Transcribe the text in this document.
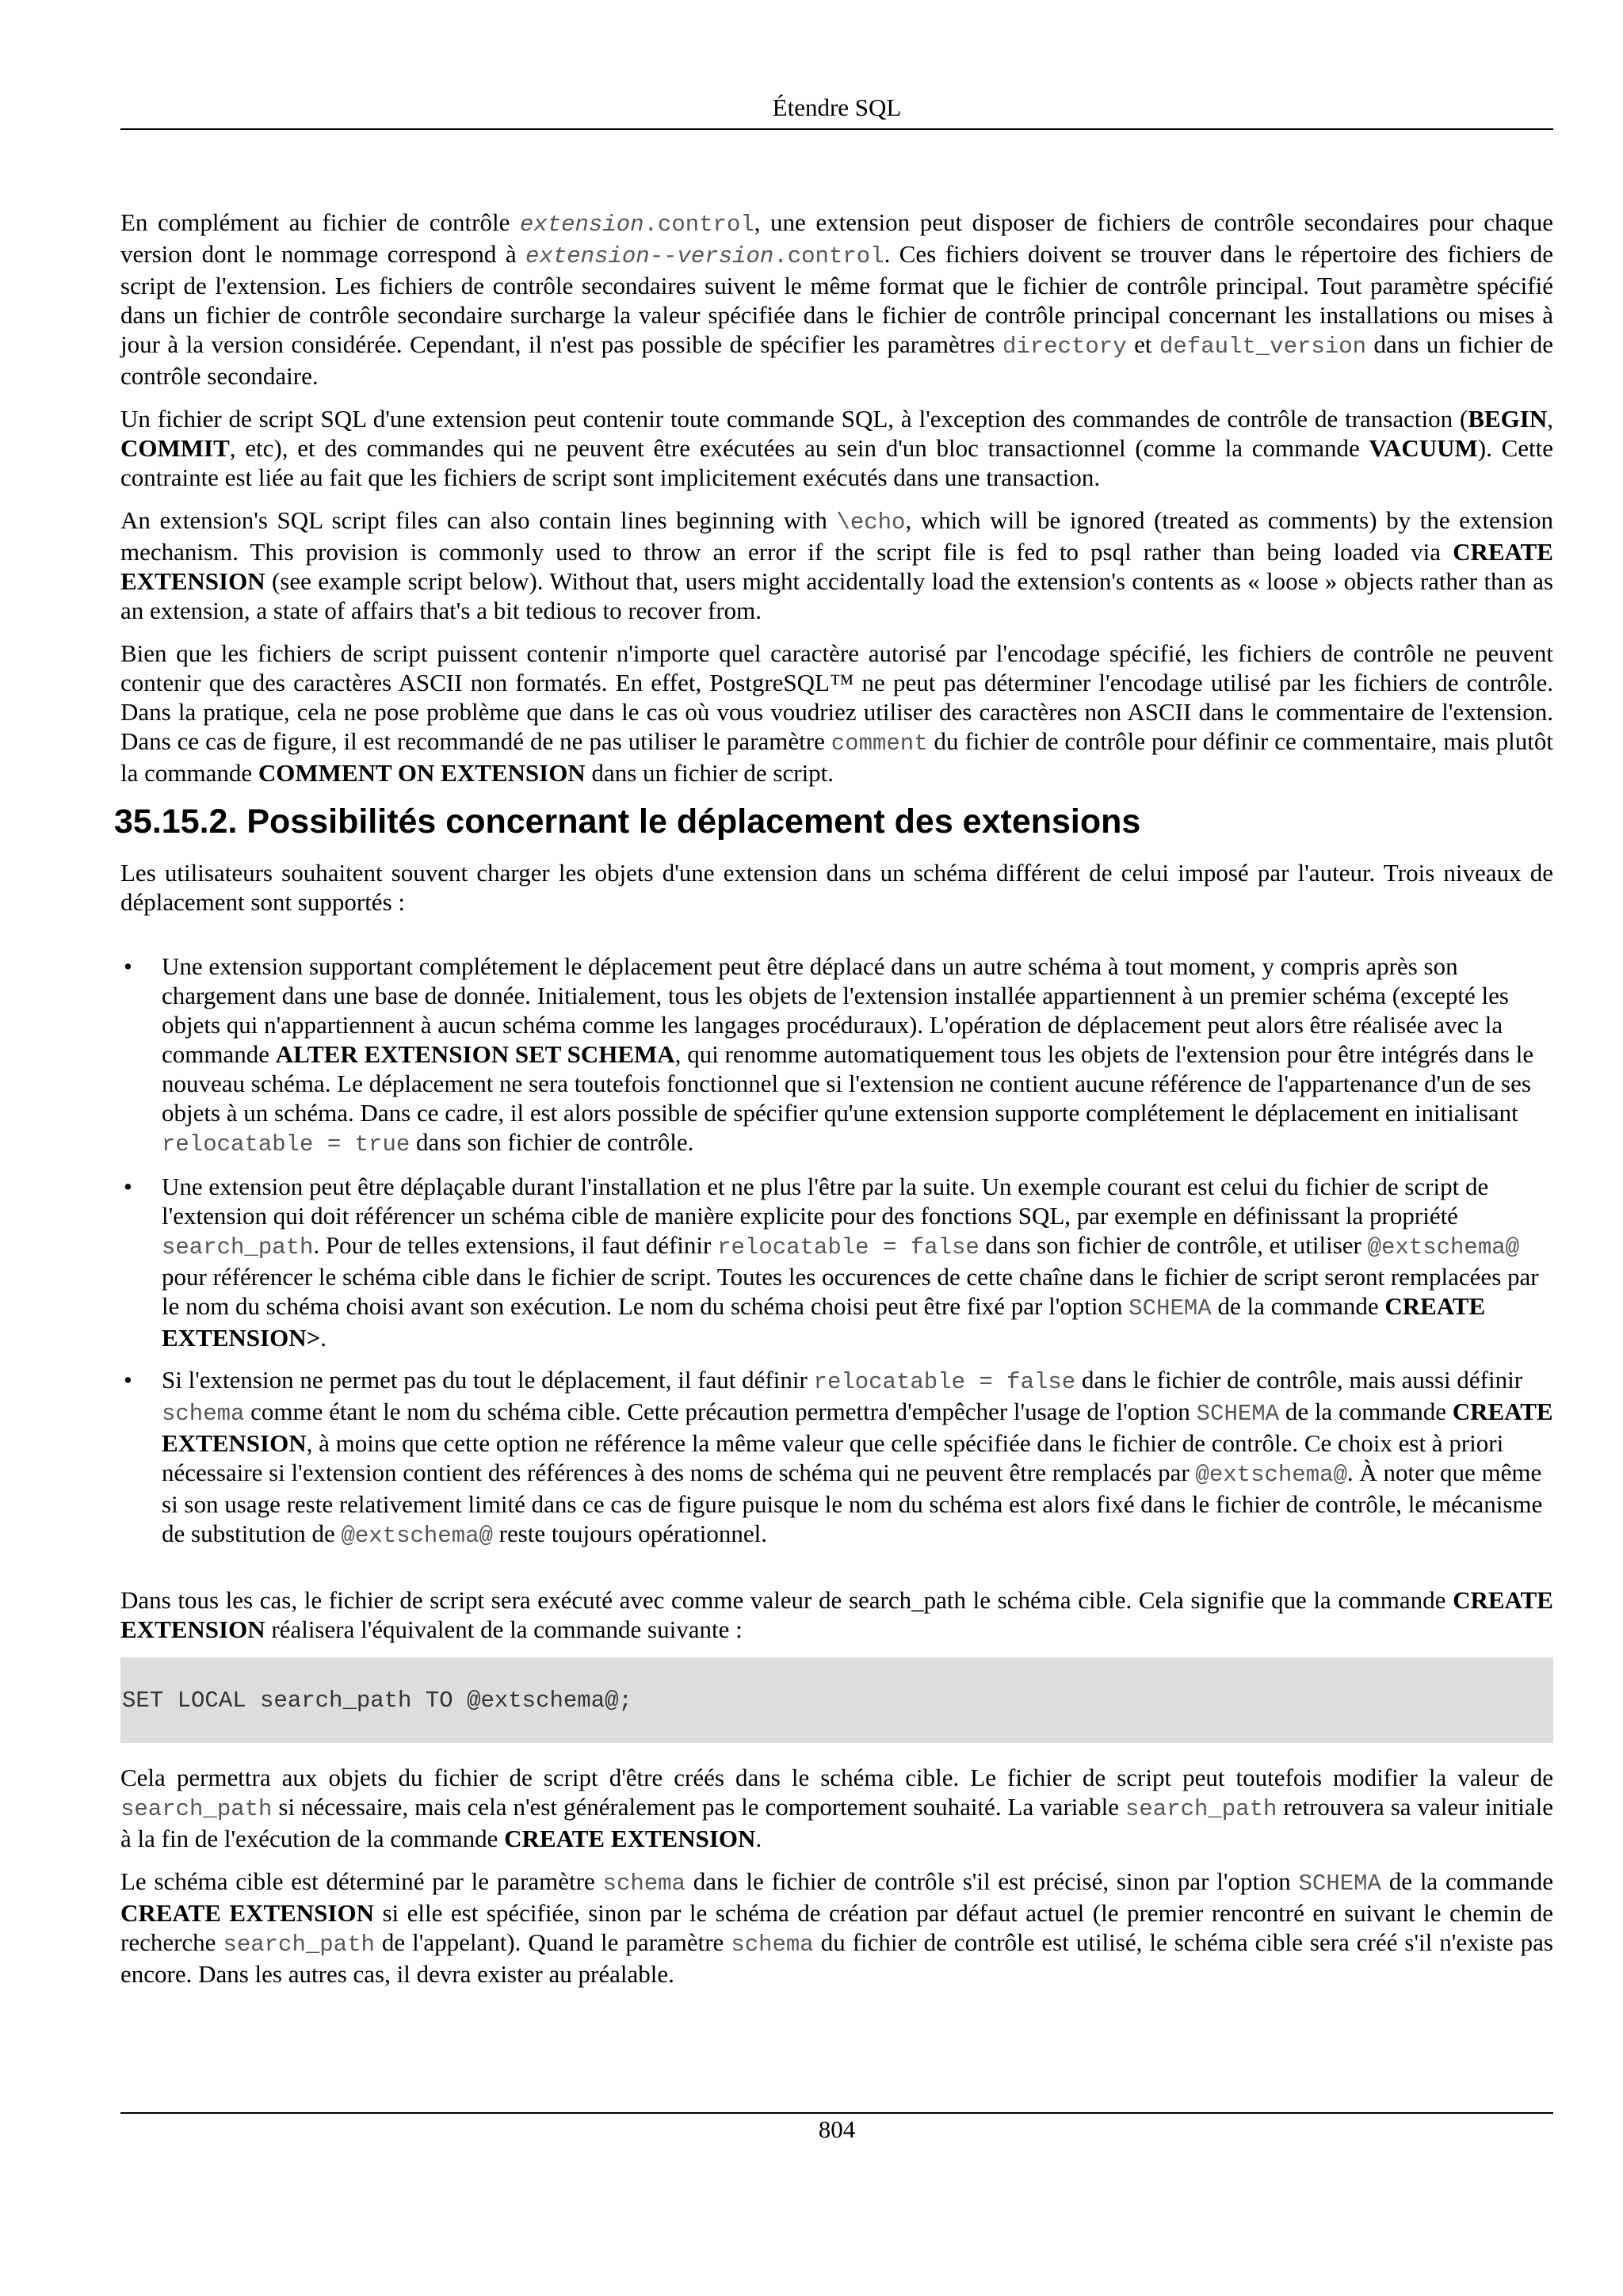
Étendre SQL

En complément au fichier de contrôle extension.control, une extension peut disposer de fichiers de contrôle secondaires pour chaque version dont le nommage correspond à extension--version.control. Ces fichiers doivent se trouver dans le répertoire des fichiers de script de l'extension. Les fichiers de contrôle secondaires suivent le même format que le fichier de contrôle principal. Tout paramètre spécifié dans un fichier de contrôle secondaire surcharge la valeur spécifiée dans le fichier de contrôle principal concernant les installations ou mises à jour à la version considérée. Cependant, il n'est pas possible de spécifier les paramètres directory et default_version dans un fichier de contrôle secondaire.

Un fichier de script SQL d'une extension peut contenir toute commande SQL, à l'exception des commandes de contrôle de transaction (BEGIN, COMMIT, etc), et des commandes qui ne peuvent être exécutées au sein d'un bloc transactionnel (comme la commande VACUUM). Cette contrainte est liée au fait que les fichiers de script sont implicitement exécutés dans une transaction.

An extension's SQL script files can also contain lines beginning with \echo, which will be ignored (treated as comments) by the extension mechanism. This provision is commonly used to throw an error if the script file is fed to psql rather than being loaded via CREATE EXTENSION (see example script below). Without that, users might accidentally load the extension's contents as « loose » objects rather than as an extension, a state of affairs that's a bit tedious to recover from.

Bien que les fichiers de script puissent contenir n'importe quel caractère autorisé par l'encodage spécifié, les fichiers de contrôle ne peuvent contenir que des caractères ASCII non formatés. En effet, PostgreSQL™ ne peut pas déterminer l'encodage utilisé par les fichiers de contrôle. Dans la pratique, cela ne pose problème que dans le cas où vous voudriez utiliser des caractères non ASCII dans le commentaire de l'extension. Dans ce cas de figure, il est recommandé de ne pas utiliser le paramètre comment du fichier de contrôle pour définir ce commentaire, mais plutôt la commande COMMENT ON EXTENSION dans un fichier de script.

35.15.2. Possibilités concernant le déplacement des extensions

Les utilisateurs souhaitent souvent charger les objets d'une extension dans un schéma différent de celui imposé par l'auteur. Trois niveaux de déplacement sont supportés :

• Une extension supportant complétement le déplacement peut être déplacé dans un autre schéma à tout moment, y compris après son chargement dans une base de donnée. Initialement, tous les objets de l'extension installée appartiennent à un premier schéma (excepté les objets qui n'appartiennent à aucun schéma comme les langages procéduraux). L'opération de déplacement peut alors être réalisée avec la commande ALTER EXTENSION SET SCHEMA, qui renomme automatiquement tous les objets de l'extension pour être intégrés dans le nouveau schéma. Le déplacement ne sera toutefois fonctionnel que si l'extension ne contient aucune référence de l'appartenance d'un de ses objets à un schéma. Dans ce cadre, il est alors possible de spécifier qu'une extension supporte complétement le déplacement en initialisant relocatable = true dans son fichier de contrôle.
• Une extension peut être déplaçable durant l'installation et ne plus l'être par la suite. Un exemple courant est celui du fichier de script de l'extension qui doit référencer un schéma cible de manière explicite pour des fonctions SQL, par exemple en définissant la propriété search_path. Pour de telles extensions, il faut définir relocatable = false dans son fichier de contrôle, et utiliser @extschema@ pour référencer le schéma cible dans le fichier de script. Toutes les occurences de cette chaîne dans le fichier de script seront remplacées par le nom du schéma choisi avant son exécution. Le nom du schéma choisi peut être fixé par l'option SCHEMA de la commande CREATE EXTENSION>.
• Si l'extension ne permet pas du tout le déplacement, il faut définir relocatable = false dans le fichier de contrôle, mais aussi définir schema comme étant le nom du schéma cible. Cette précaution permettra d'empêcher l'usage de l'option SCHEMA de la commande CREATE EXTENSION, à moins que cette option ne référence la même valeur que celle spécifiée dans le fichier de contrôle. Ce choix est à priori nécessaire si l'extension contient des références à des noms de schéma qui ne peuvent être remplacés par @extschema@. À noter que même si son usage reste relativement limité dans ce cas de figure puisque le nom du schéma est alors fixé dans le fichier de contrôle, le mécanisme de substitution de @extschema@ reste toujours opérationnel.

Dans tous les cas, le fichier de script sera exécuté avec comme valeur de search_path le schéma cible. Cela signifie que la commande CREATE EXTENSION réalisera l'équivalent de la commande suivante :

SET LOCAL search_path TO @extschema@;

Cela permettra aux objets du fichier de script d'être créés dans le schéma cible. Le fichier de script peut toutefois modifier la valeur de search_path si nécessaire, mais cela n'est généralement pas le comportement souhaité. La variable search_path retrouvera sa valeur initiale à la fin de l'exécution de la commande CREATE EXTENSION.

Le schéma cible est déterminé par le paramètre schema dans le fichier de contrôle s'il est précisé, sinon par l'option SCHEMA de la commande CREATE EXTENSION si elle est spécifiée, sinon par le schéma de création par défaut actuel (le premier rencontré en suivant le chemin de recherche search_path de l'appelant). Quand le paramètre schema du fichier de contrôle est utilisé, le schéma cible sera créé s'il n'existe pas encore. Dans les autres cas, il devra exister au préalable.

804
